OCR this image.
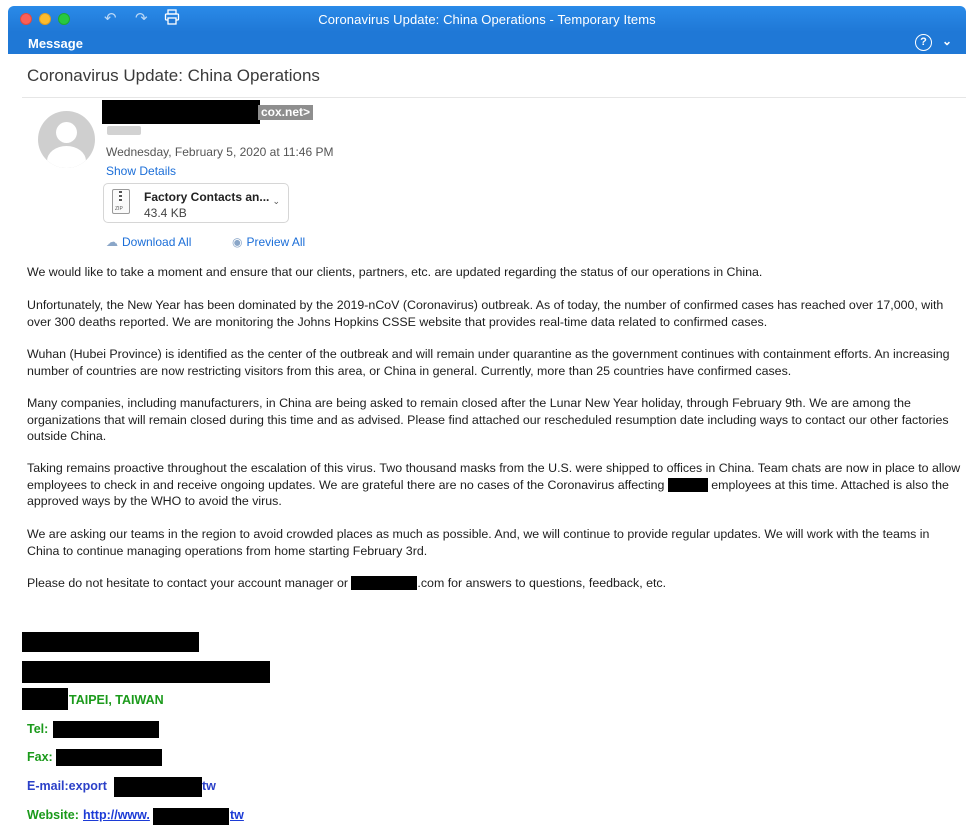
↶ ↷	Coronavirus Update: China Operations - Temporary Items
Message	?	⌄
Coronavirus Update: China Operations
cox.net>
Wednesday, February 5, 2020 at 11:46 PM
Show Details
ZIP
Factory Contacts an...
43.4 KB
⌄
☁ Download All	◉ Preview All
We would like to take a moment and ensure that our clients, partners, etc. are updated regarding the status of our operations in China.
Unfortunately, the New Year has been dominated by the 2019-nCoV (Coronavirus) outbreak. As of today, the number of confirmed cases has reached over 17,000, with over 300 deaths reported. We are monitoring the Johns Hopkins CSSE website that provides real-time data related to confirmed cases.
Wuhan (Hubei Province) is identified as the center of the outbreak and will remain under quarantine as the government continues with containment efforts. An increasing number of countries are now restricting visitors from this area, or China in general. Currently, more than 25 countries have confirmed cases.
Many companies, including manufacturers, in China are being asked to remain closed after the Lunar New Year holiday, through February 9th. We are among the organizations that will remain closed during this time and as advised. Please find attached our rescheduled resumption date including ways to contact our other factories outside China.
Taking remains proactive throughout the escalation of this virus. Two thousand masks from the U.S. were shipped to offices in China. Team chats are now in place to allow employees to check in and receive ongoing updates. We are grateful there are no cases of the Coronavirus affecting	employees at this time. Attached is also the approved ways by the WHO to avoid the virus.
We are asking our teams in the region to avoid crowded places as much as possible. And, we will continue to provide regular updates. We will work with the teams in China to continue managing operations from home starting February 3rd.
Please do not hesitate to contact your account manager or	.com for answers to questions, feedback, etc.
TAIPEI, TAIWAN
Tel:
Fax:
E-mail:export	tw
Website: http://www.	tw
